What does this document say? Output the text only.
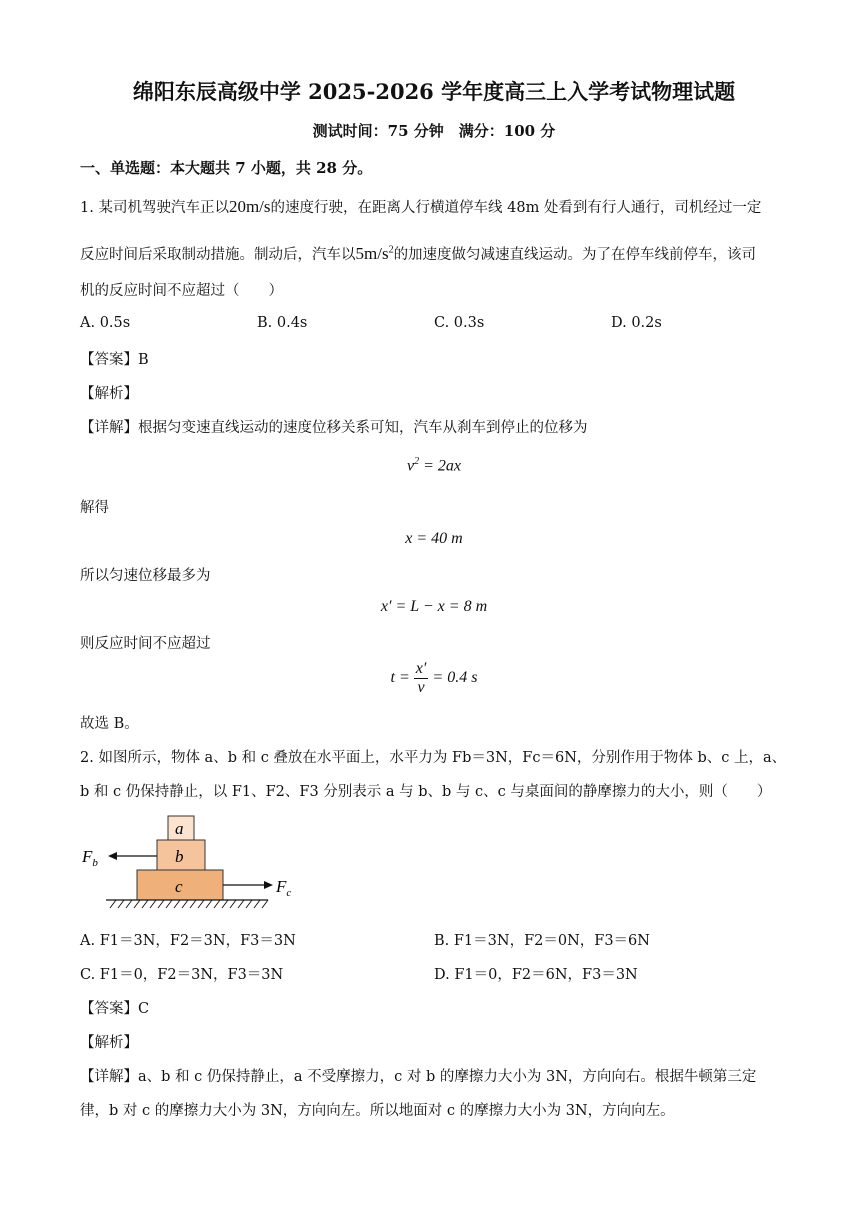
绵阳东辰高级中学 2025-2026 学年度高三上入学考试物理试题
测试时间：75 分钟　满分：100 分
一、单选题：本大题共 7 小题，共 28 分。
1. 某司机驾驶汽车正以20m/s的速度行驶，在距离人行横道停车线 48m 处看到有行人通行，司机经过一定
反应时间后采取制动措施。制动后，汽车以$5m/s^2$的加速度做匀减速直线运动。为了在停车线前停车，该司
机的反应时间不应超过（　　）
A. 0.5s	B. 0.4s	C. 0.3s	D. 0.2s
【答案】B
【解析】
【详解】根据匀变速直线运动的速度位移关系可知，汽车从刹车到停止的位移为
$v^2 = 2ax$
解得
x = 40 m
所以匀速位移最多为
x′ = L − x = 8 m
则反应时间不应超过
$t = \frac{x'}{v} = 0.4$ s
故选 B。
2. 如图所示，物体 a、b 和 c 叠放在水平面上，水平力为 Fb＝3N，Fc＝6N，分别作用于物体 b、c 上，a、
b 和 c 仍保持静止，以 F1、F2、F3 分别表示 a 与 b、b 与 c、c 与桌面间的静摩擦力的大小，则（　　）
a
b
c
$F_b$
$F_c$
A. F1＝3N，F2＝3N，F3＝3N	B. F1＝3N，F2＝0N，F3＝6N
C. F1＝0，F2＝3N，F3＝3N	D. F1＝0，F2＝6N，F3＝3N
【答案】C
【解析】
【详解】a、b 和 c 仍保持静止，a 不受摩擦力，c 对 b 的摩擦力大小为 3N，方向向右。根据牛顿第三定
律，b 对 c 的摩擦力大小为 3N，方向向左。所以地面对 c 的摩擦力大小为 3N，方向向左。
